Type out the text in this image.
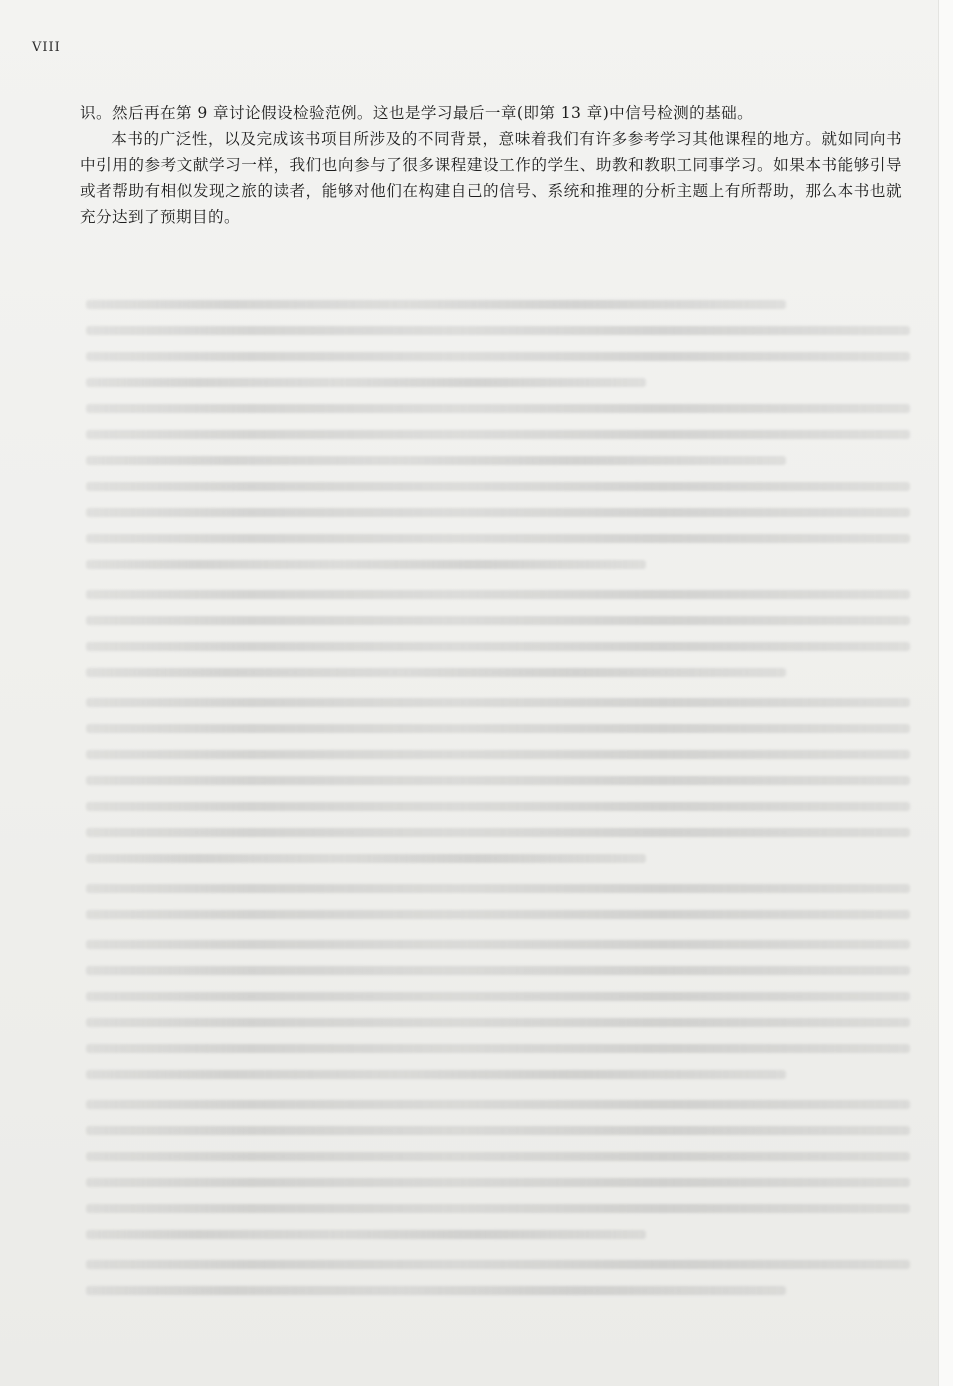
VIII

识。然后再在第 9 章讨论假设检验范例。这也是学习最后一章(即第 13 章)中信号检测的基础。

本书的广泛性，以及完成该书项目所涉及的不同背景，意味着我们有许多参考学习其他课程的地方。就如同向书中引用的参考文献学习一样，我们也向参与了很多课程建设工作的学生、助教和教职工同事学习。如果本书能够引导或者帮助有相似发现之旅的读者，能够对他们在构建自己的信号、系统和推理的分析主题上有所帮助，那么本书也就充分达到了预期目的。
